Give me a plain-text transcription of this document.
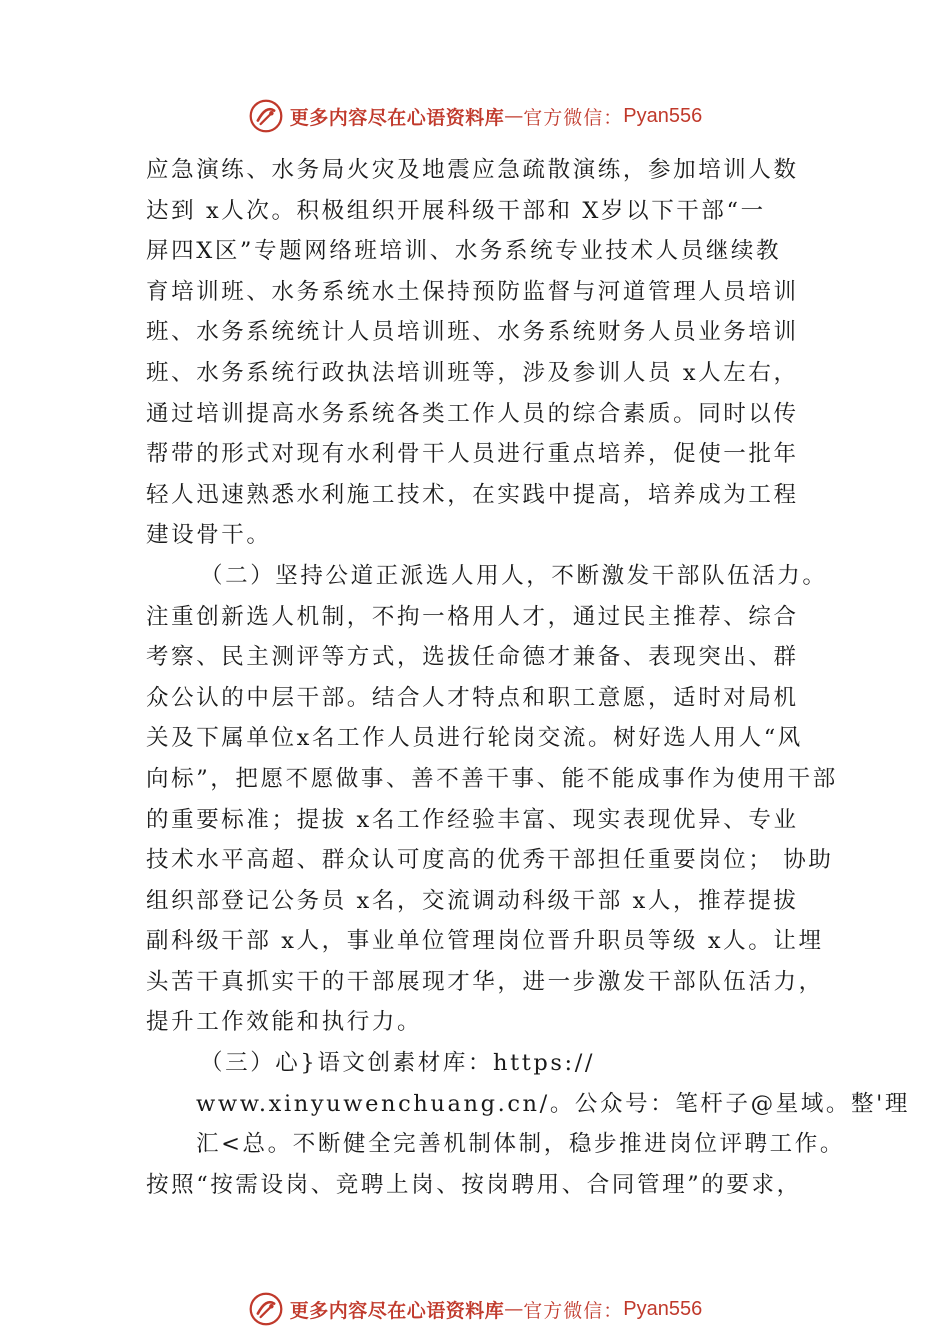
更多内容尽在心语资料库 — 官方微信： Pyan556
应急演练、水务局火灾及地震应急疏散演练，参加培训人数
达到 x人次。积极组织开展科级干部和 X岁以下干部“一
屏四X区”专题网络班培训、水务系统专业技术人员继续教
育培训班、水务系统水土保持预防监督与河道管理人员培训
班、水务系统统计人员培训班、水务系统财务人员业务培训
班、水务系统行政执法培训班等，涉及参训人员 x人左右，
通过培训提高水务系统各类工作人员的综合素质。同时以传
帮带的形式对现有水利骨干人员进行重点培养，促使一批年
轻人迅速熟悉水利施工技术，在实践中提高，培养成为工程
建设骨干。
（二）坚持公道正派选人用人，不断激发干部队伍活力。
注重创新选人机制，不拘一格用人才，通过民主推荐、综合
考察、民主测评等方式，选拔任命德才兼备、表现突出、群
众公认的中层干部。结合人才特点和职工意愿，适时对局机
关及下属单位x名工作人员进行轮岗交流。树好选人用人“风
向标”，把愿不愿做事、善不善干事、能不能成事作为使用干部
的重要标准；提拔 x名工作经验丰富、现实表现优异、专业
技术水平高超、群众认可度高的优秀干部担任重要岗位； 协助
组织部登记公务员 x名，交流调动科级干部 x人，推荐提拔
副科级干部 x人，事业单位管理岗位晋升职员等级 x人。让埋
头苦干真抓实干的干部展现才华，进一步激发干部队伍活力，
提升工作效能和执行力。
（三）心}语文创素材库：https://
www.xinyuwenchuang.cn/。公众号：笔杆子@星域。整'理
汇<总。不断健全完善机制体制，稳步推进岗位评聘工作。
按照“按需设岗、竞聘上岗、按岗聘用、合同管理”的要求，
更多内容尽在心语资料库 — 官方微信： Pyan556
